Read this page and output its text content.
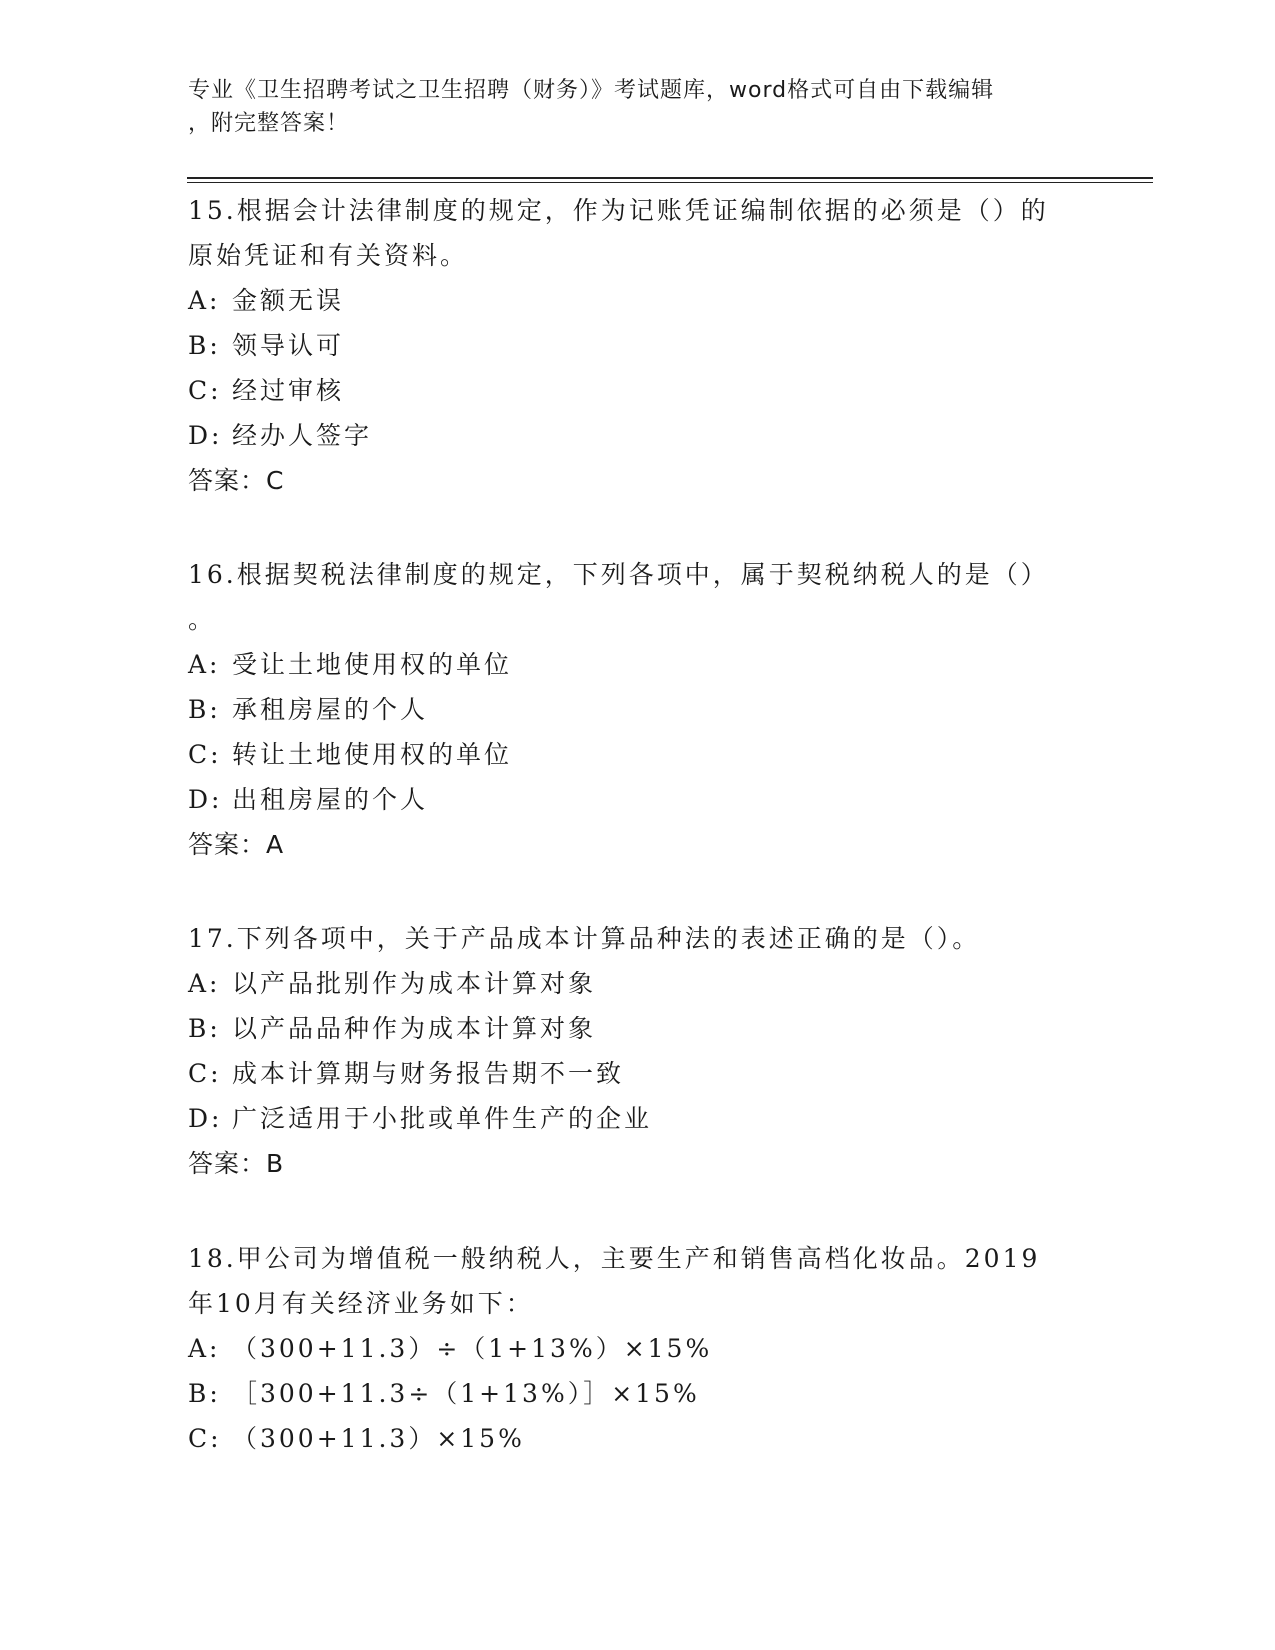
专业《卫生招聘考试之卫生招聘（财务）》考试题库，word格式可自由下载编辑
，附完整答案！

15.根据会计法律制度的规定，作为记账凭证编制依据的必须是（）的

原始凭证和有关资料。

A: 金额无误

B: 领导认可

C: 经过审核

D: 经办人签字

答案：C

16.根据契税法律制度的规定，下列各项中，属于契税纳税人的是（）

。

A: 受让土地使用权的单位

B: 承租房屋的个人

C: 转让土地使用权的单位

D: 出租房屋的个人

答案：A

17.下列各项中，关于产品成本计算品种法的表述正确的是（）。

A: 以产品批别作为成本计算对象

B: 以产品品种作为成本计算对象

C: 成本计算期与财务报告期不一致

D: 广泛适用于小批或单件生产的企业

答案：B

18.甲公司为增值税一般纳税人，主要生产和销售高档化妆品。2019

年10月有关经济业务如下：

A: （300+11.3）÷（1+13%）×15%

B: ［300+11.3÷（1+13%）］×15%

C: （300+11.3）×15%
